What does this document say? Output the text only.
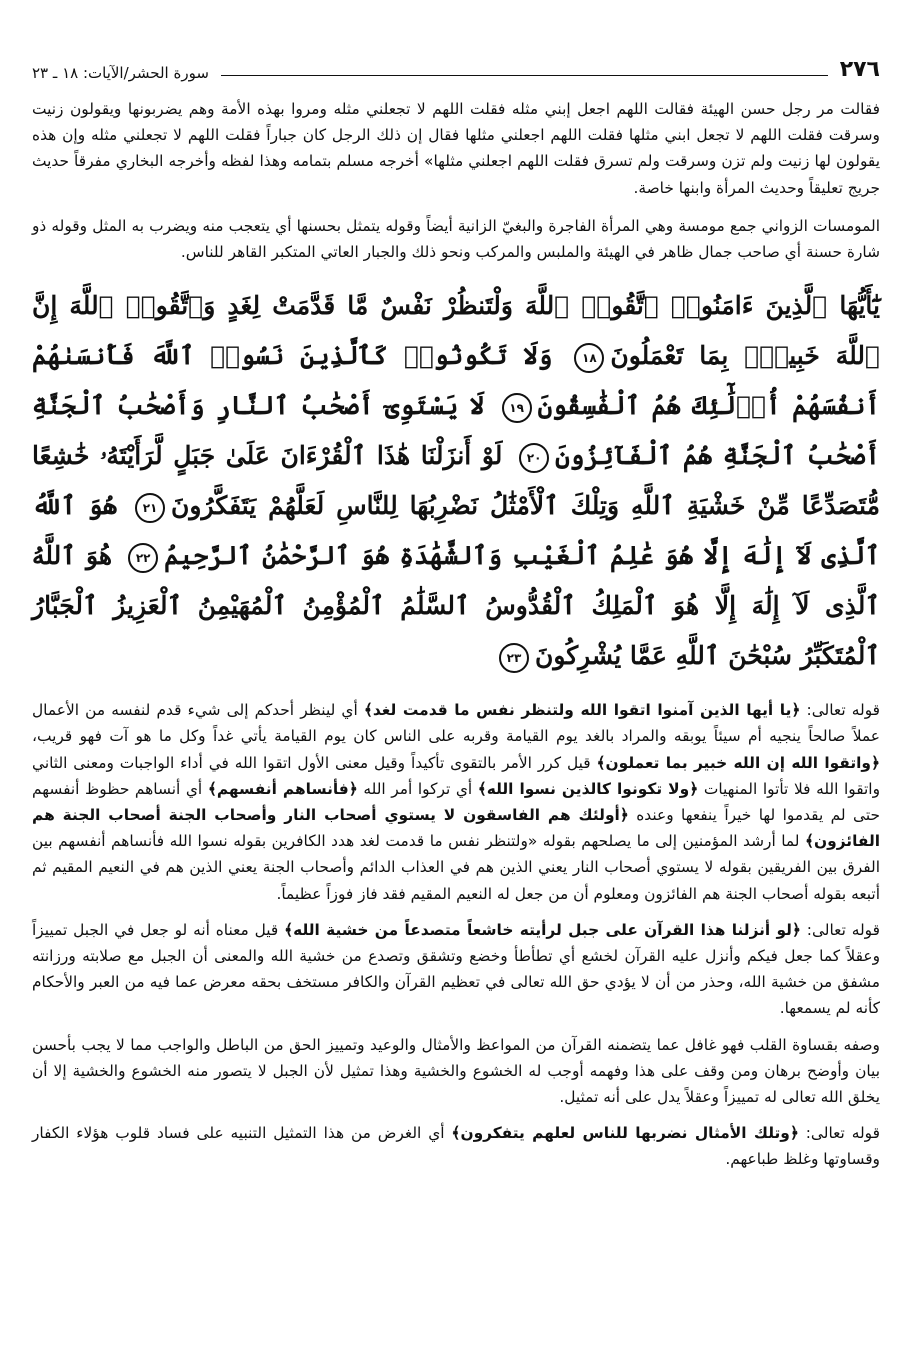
٢٧٦
سورة الحشر/الآيات: ١٨ ـ ٢٣

فقالت مر رجل حسن الهيئة فقالت اللهم اجعل إبني مثله فقلت اللهم لا تجعلني مثله ومروا بهذه الأمة وهم يضربونها ويقولون زنيت وسرقت فقلت اللهم لا تجعل ابني مثلها فقلت اللهم اجعلني مثلها فقال إن ذلك الرجل كان جباراً فقلت اللهم لا تجعلني مثله وإن هذه يقولون لها زنيت ولم تزن وسرقت ولم تسرق فقلت اللهم اجعلني مثلها» أخرجه مسلم بتمامه وهذا لفظه وأخرجه البخاري مفرقاً حديث جريج تعليقاً وحديث المرأة وابنها خاصة.

المومسات الزواني جمع مومسة وهي المرأة الفاجرة والبغيّ الزانية أيضاً وقوله يتمثل بحسنها أي يتعجب منه ويضرب به المثل وقوله ذو شارة حسنة أي صاحب جمال ظاهر في الهيئة والملبس والمركب ونحو ذلك والجبار العاتي المتكبر القاهر للناس.

يَٰٓأَيُّهَا ٱلَّذِينَ ءَامَنُوا۟ ٱتَّقُوا۟ ٱللَّهَ وَلْتَنظُرْ نَفْسٌ مَّا قَدَّمَتْ لِغَدٍ وَٱتَّقُوا۟ ٱللَّهَ إِنَّ ٱللَّهَ خَبِيرٌۢ بِمَا تَعْمَلُونَ١٨ وَلَا تَكُونُوا۟ كَٱلَّذِينَ نَسُوا۟ ٱللَّهَ فَأَنسَىٰهُمْ أَنفُسَهُمْ أُو۟لَٰٓئِكَ هُمُ ٱلْفَٰسِقُونَ١٩ لَا يَسْتَوِىٓ أَصْحَٰبُ ٱلنَّارِ وَأَصْحَٰبُ ٱلْجَنَّةِ أَصْحَٰبُ ٱلْجَنَّةِ هُمُ ٱلْفَآئِزُونَ٢٠ لَوْ أَنزَلْنَا هَٰذَا ٱلْقُرْءَانَ عَلَىٰ جَبَلٍ لَّرَأَيْتَهُۥ خَٰشِعًا مُّتَصَدِّعًا مِّنْ خَشْيَةِ ٱللَّهِ وَتِلْكَ ٱلْأَمْثَٰلُ نَضْرِبُهَا لِلنَّاسِ لَعَلَّهُمْ يَتَفَكَّرُونَ٢١ هُوَ ٱللَّهُ ٱلَّذِى لَآ إِلَٰهَ إِلَّا هُوَ عَٰلِمُ ٱلْغَيْبِ وَٱلشَّهَٰدَةِ هُوَ ٱلرَّحْمَٰنُ ٱلرَّحِيمُ٢٢ هُوَ ٱللَّهُ ٱلَّذِى لَآ إِلَٰهَ إِلَّا هُوَ ٱلْمَلِكُ ٱلْقُدُّوسُ ٱلسَّلَٰمُ ٱلْمُؤْمِنُ ٱلْمُهَيْمِنُ ٱلْعَزِيزُ ٱلْجَبَّارُ ٱلْمُتَكَبِّرُ سُبْحَٰنَ ٱللَّهِ عَمَّا يُشْرِكُونَ٢٣

قوله تعالى: ﴿يا أيها الذين آمنوا اتقوا الله ولتنظر نفس ما قدمت لغد﴾ أي لينظر أحدكم إلى شيء قدم لنفسه من الأعمال عملاً صالحاً ينجيه أم سيئاً يوبقه والمراد بالغد يوم القيامة وقربه على الناس كان يوم القيامة يأتي غداً وكل ما هو آت فهو قريب، ﴿واتقوا الله إن الله خبير بما تعملون﴾ قيل كرر الأمر بالتقوى تأكيداً وقيل معنى الأول اتقوا الله في أداء الواجبات ومعنى الثاني واتقوا الله فلا تأتوا المنهيات ﴿ولا تكونوا كالذين نسوا الله﴾ أي تركوا أمر الله ﴿فأنساهم أنفسهم﴾ أي أنساهم حظوظ أنفسهم حتى لم يقدموا لها خيراً ينفعها وعنده ﴿أولئك هم الفاسقون لا يستوي أصحاب النار وأصحاب الجنة أصحاب الجنة هم الفائزون﴾ لما أرشد المؤمنين إلى ما يصلحهم بقوله «ولتنظر نفس ما قدمت لغد هدد الكافرين بقوله نسوا الله فأنساهم أنفسهم بين الفرق بين الفريقين بقوله لا يستوي أصحاب النار يعني الذين هم في العذاب الدائم وأصحاب الجنة يعني الذين هم في النعيم المقيم ثم أتبعه بقوله أصحاب الجنة هم الفائزون ومعلوم أن من جعل له النعيم المقيم فقد فاز فوزاً عظيماً.

قوله تعالى: ﴿لو أنزلنا هذا القرآن على جبل لرأيته خاشعاً متصدعاً من خشية الله﴾ قيل معناه أنه لو جعل في الجبل تمييزاً وعقلاً كما جعل فيكم وأنزل عليه القرآن لخشع أي تطأطأ وخضع وتشقق وتصدع من خشية الله والمعنى أن الجبل مع صلابته ورزانته مشفق من خشية الله، وحذر من أن لا يؤدي حق الله تعالى في تعظيم القرآن والكافر مستخف بحقه معرض عما فيه من العبر والأحكام كأنه لم يسمعها.

وصفه بقساوة القلب فهو غافل عما يتضمنه القرآن من المواعظ والأمثال والوعيد وتمييز الحق من الباطل والواجب مما لا يجب بأحسن بيان وأوضح برهان ومن وقف على هذا وفهمه أوجب له الخشوع والخشية وهذا تمثيل لأن الجبل لا يتصور منه الخشوع والخشية إلا أن يخلق الله تعالى له تمييزاً وعقلاً يدل على أنه تمثيل.

قوله تعالى: ﴿وتلك الأمثال نضربها للناس لعلهم يتفكرون﴾ أي الغرض من هذا التمثيل التنبيه على فساد قلوب هؤلاء الكفار وقساوتها وغلظ طباعهم.
